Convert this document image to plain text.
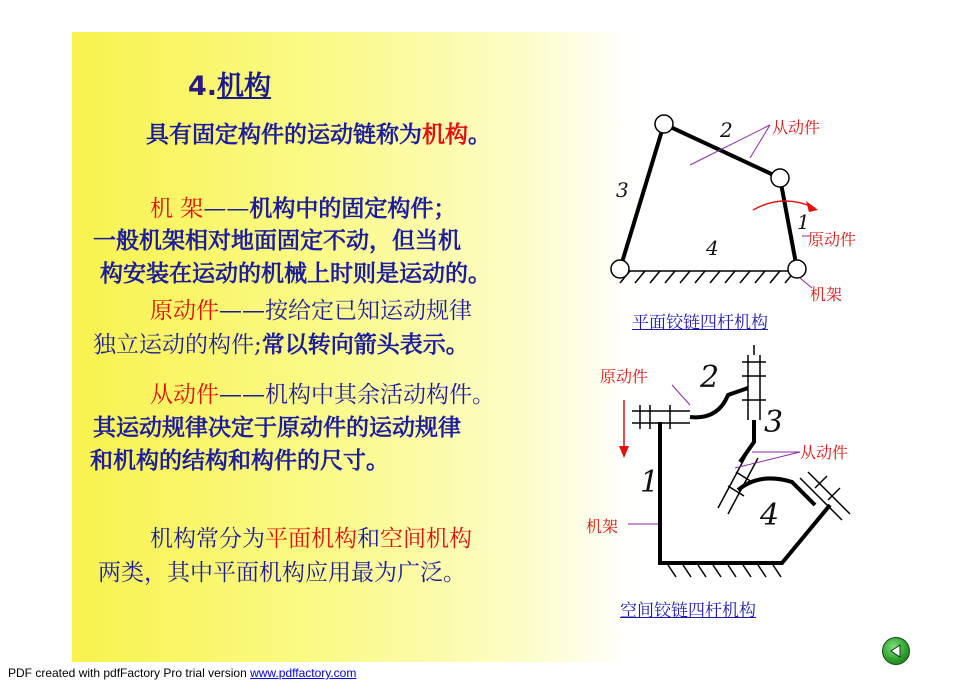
4.机构
具有固定构件的运动链称为机构。
机 架——机构中的固定构件；
一般机架相对地面固定不动，但当机
构安装在运动的机械上时则是运动的。
原动件——按给定已知运动规律
独立运动的构件;常以转向箭头表示。
从动件——机构中其余活动构件。
其运动规律决定于原动件的运动规律
和机构的结构和构件的尺寸。
机构常分为平面机构和空间机构
两类，其中平面机构应用最为广泛。
2
3
4
1
从动件
原动件
机架
平面铰链四杆机构
2
3
1
4
原动件
从动件
机架
空间铰链四杆机构
PDF created with pdfFactory Pro trial version www.pdffactory.com
